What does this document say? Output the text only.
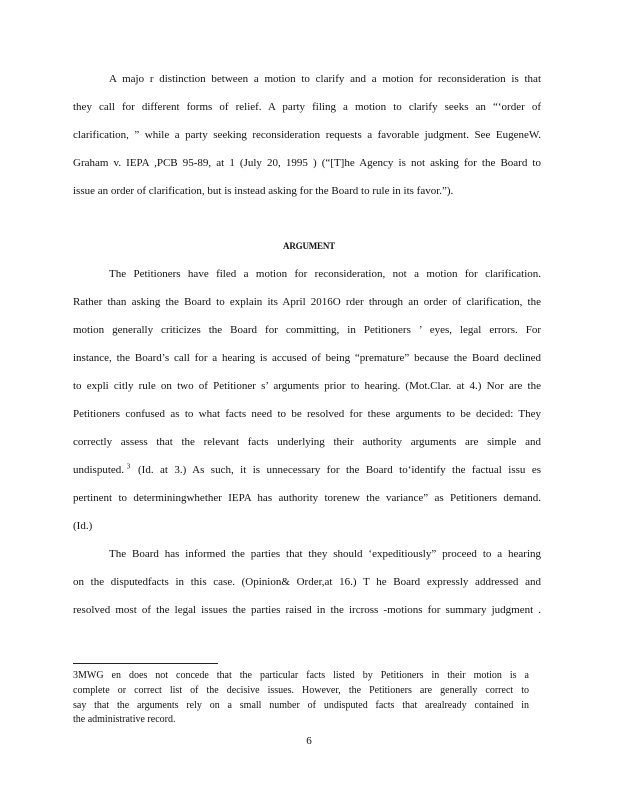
A majo r distinction between a motion to clarify and a motion for reconsideration is that
they call for different forms of relief. A party filing a motion to clarify seeks an “‘order of
clarification, ” while a party seeking reconsideration requests a favorable judgment. See EugeneW.
Graham v. IEPA ,PCB 95-89, at 1 (July 20, 1995 ) (“[T]he Agency is not asking for the Board to
issue an order of clarification, but is instead asking for the Board to rule in its favor.”).
ARGUMENT
The Petitioners have filed a motion for reconsideration, not a motion for clarification.
Rather than asking the Board to explain its April 2016O rder through an order of clarification, the
motion generally criticizes the Board for committing, in Petitioners ’ eyes, legal errors. For
instance, the Board’s call for a hearing is accused of being “premature” because the Board declined
to expli citly rule on two of Petitioner s’ arguments prior to hearing. (Mot.Clar. at 4.) Nor are the
Petitioners confused as to what facts need to be resolved for these arguments to be decided: They
correctly assess that the relevant facts underlying their authority arguments are simple and
undisputed. $^3$ (Id. at 3.) As such, it is unnecessary for the Board to‘identify the factual issu es
pertinent to determiningwhether IEPA has authority torenew the variance” as Petitioners demand.
(Id.)
The Board has informed the parties that they should ‘expeditiously” proceed to a hearing
on the disputedfacts in this case. (Opinion& Order,at 16.) T he Board expressly addressed and
resolved most of the legal issues the parties raised in the ircross -motions for summary judgment .
3MWG en does not concede that the particular facts listed by Petitioners in their motion is a
complete or correct list of the decisive issues. However, the Petitioners are generally correct to
say that the arguments rely on a small number of undisputed facts that arealready contained in
the administrative record.
6
